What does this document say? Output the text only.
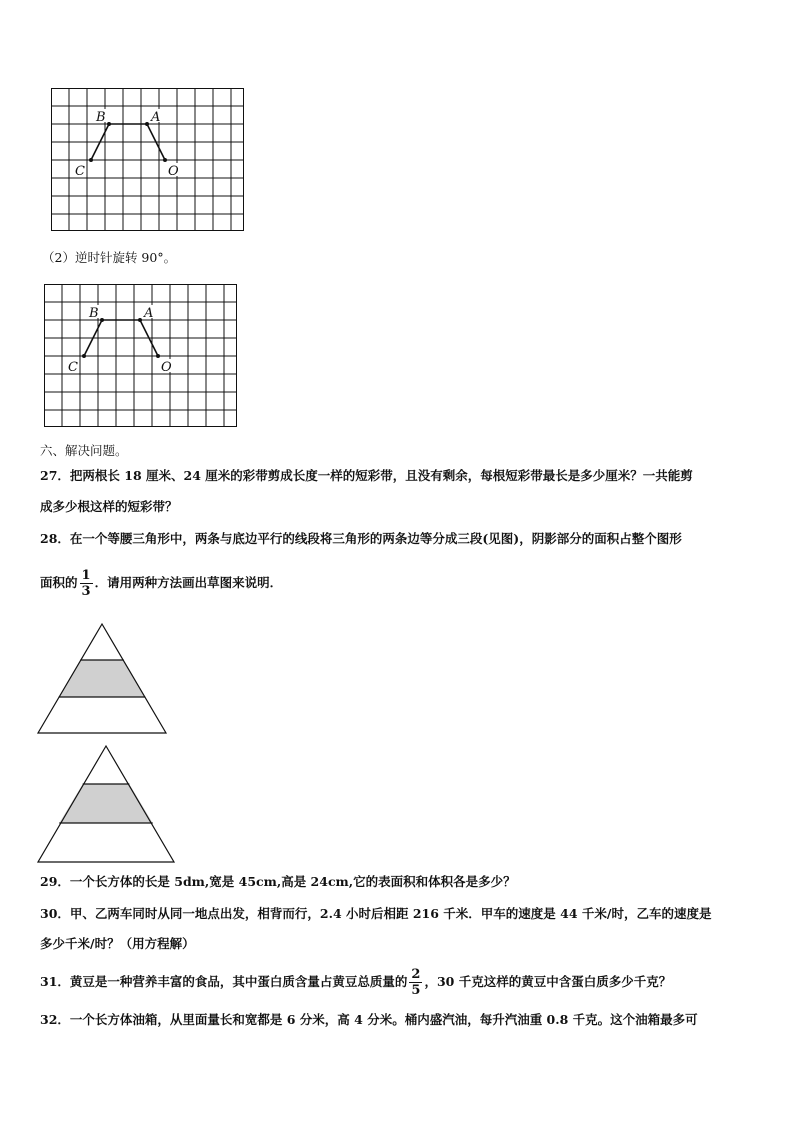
B	A
C	O
（2）逆时针旋转 90°。
B	A
C	O
六、解决问题。
27．把两根长 18 厘米、24 厘米的彩带剪成长度一样的短彩带，且没有剩余，每根短彩带最长是多少厘米？一共能剪
成多少根这样的短彩带？
28．在一个等腰三角形中，两条与底边平行的线段将三角形的两条边等分成三段(见图)，阴影部分的面积占整个图形
面积的 $\frac{1}{3}$ ．请用两种方法画出草图来说明．
29．一个长方体的长是 5dm,宽是 45cm,高是 24cm,它的表面积和体积各是多少？
30．甲、乙两车同时从同一地点出发，相背而行，2.4 小时后相距 216 千米．甲车的速度是 44 千米/时，乙车的速度是
多少千米/时？（用方程解）
31．黄豆是一种营养丰富的食品，其中蛋白质含量占黄豆总质量的 $\frac{2}{5}$ ，30 千克这样的黄豆中含蛋白质多少千克？
32．一个长方体油箱，从里面量长和宽都是 6 分米，高 4 分米。桶内盛汽油，每升汽油重 0.8 千克。这个油箱最多可
